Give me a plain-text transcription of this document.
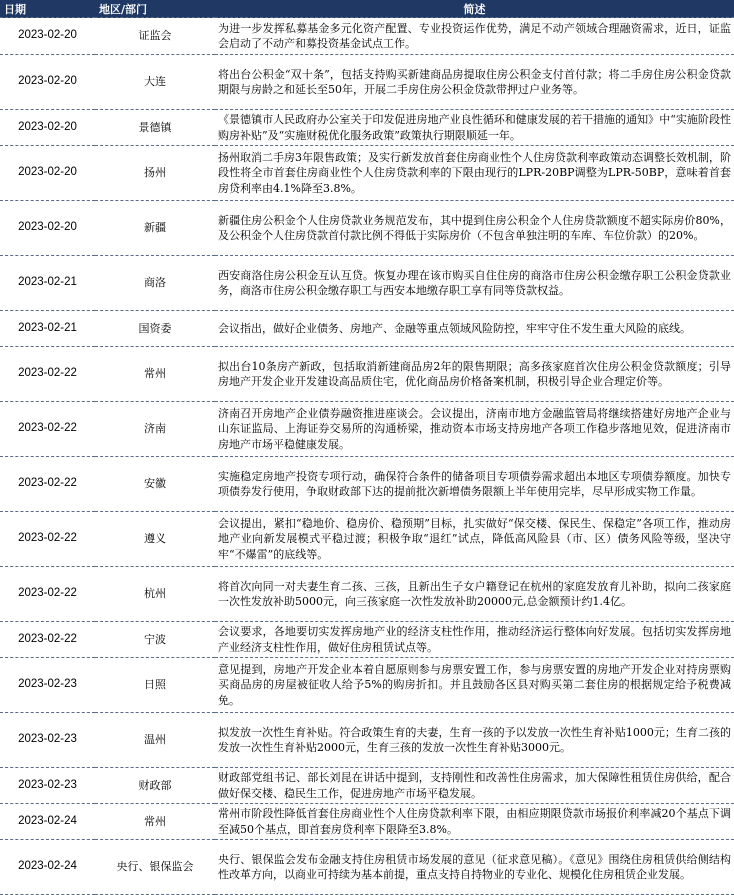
日期	地区/部门	简述
2023-02-20	证监会	为进一步发挥私募基金多元化资产配置、专业投资运作优势，满足不动产领域合理融资需求，近日，证监会启动了不动产和募投资基金试点工作。
2023-02-20	大连	将出台公积金“双十条”，包括支持购买新建商品房提取住房公积金支付首付款；将二手房住房公积金贷款期限与房龄之和延长至50年，开展二手房住房公积金贷款带押过户业务等。
2023-02-20	景德镇	《景德镇市人民政府办公室关于印发促进房地产业良性循环和健康发展的若干措施的通知》中“实施阶段性购房补贴”及“实施财税优化服务政策”政策执行期限顺延一年。
2023-02-20	扬州	扬州取消二手房3年限售政策；及实行新发放首套住房商业性个人住房贷款利率政策动态调整长效机制，阶段性将全市首套住房商业性个人住房贷款利率的下限由现行的LPR-20BP调整为LPR-50BP，意味着首套房贷利率由4.1%降至3.8%。
2023-02-20	新疆	新疆住房公积金个人住房贷款业务规范发布，其中提到住房公积金个人住房贷款额度不超实际房价80%，及公积金个人住房贷款首付款比例不得低于实际房价（不包含单独注明的车库、车位价款）的20%。
2023-02-21	商洛	西安商洛住房公积金互认互贷。恢复办理在该市购买自住住房的商洛市住房公积金缴存职工公积金贷款业务，商洛市住房公积金缴存职工与西安本地缴存职工享有同等贷款权益。
2023-02-21	国资委	会议指出，做好企业债务、房地产、金融等重点领域风险防控，牢牢守住不发生重大风险的底线。
2023-02-22	常州	拟出台10条房产新政，包括取消新建商品房2年的限售期限；高多孩家庭首次住房公积金贷款额度；引导房地产开发企业开发建设高品质住宅，优化商品房价格备案机制，积极引导企业合理定价等。
2023-02-22	济南	济南召开房地产企业债券融资推进座谈会。会议提出，济南市地方金融监管局将继续搭建好房地产企业与山东证监局、上海证券交易所的沟通桥梁，推动资本市场支持房地产各项工作稳步落地见效，促进济南市房地产市场平稳健康发展。
2023-02-22	安徽	实施稳定房地产投资专项行动，确保符合条件的储备项目专项债券需求超出本地区专项债券额度。加快专项债券发行使用，争取财政部下达的提前批次新增债务限额上半年使用完毕，尽早形成实物工作量。
2023-02-22	遵义	会议提出，紧扣“稳地价、稳房价、稳预期”目标，扎实做好“保交楼、保民生、保稳定”各项工作，推动房地产业向新发展模式平稳过渡；积极争取“退红”试点，降低高风险县（市、区）债务风险等级，坚决守牢“不爆雷”的底线等。
2023-02-22	杭州	将首次向同一对夫妻生育二孩、三孩，且新出生子女户籍登记在杭州的家庭发放育儿补助，拟向二孩家庭一次性发放补助5000元，向三孩家庭一次性发放补助20000元,总金额预计约1.4亿。
2023-02-22	宁波	会议要求，各地要切实发挥房地产业的经济支柱性作用，推动经济运行整体向好发展。包括切实发挥房地产业经济支柱性作用，做好住房租赁试点等。
2023-02-23	日照	意见提到，房地产开发企业本着自愿原则参与房票安置工作，参与房票安置的房地产开发企业对持房票购买商品房的房屋被征收人给予5%的购房折扣。并且鼓励各区县对购买第二套住房的根据规定给予税费减免。
2023-02-23	温州	拟发放一次性生育补贴。符合政策生育的夫妻，生育一孩的予以发放一次性生育补贴1000元；生育二孩的发放一次性生育补贴2000元，生育三孩的发放一次性生育补贴3000元。
2023-02-23	财政部	财政部党组书记、部长刘昆在讲话中提到，支持刚性和改善性住房需求，加大保障性租赁住房供给，配合做好保交楼、稳民生工作，促进房地产市场平稳发展。
2023-02-24	常州	常州市阶段性降低首套住房商业性个人住房贷款利率下限，由相应期限贷款市场报价利率减20个基点下调至减50个基点，即首套房贷利率下限降至3.8%。
2023-02-24	央行、银保监会	央行、银保监会发布金融支持住房租赁市场发展的意见（征求意见稿）。《意见》围绕住房租赁供给侧结构性改革方向，以商业可持续为基本前提，重点支持自持物业的专业化、规模化住房租赁企业发展。
